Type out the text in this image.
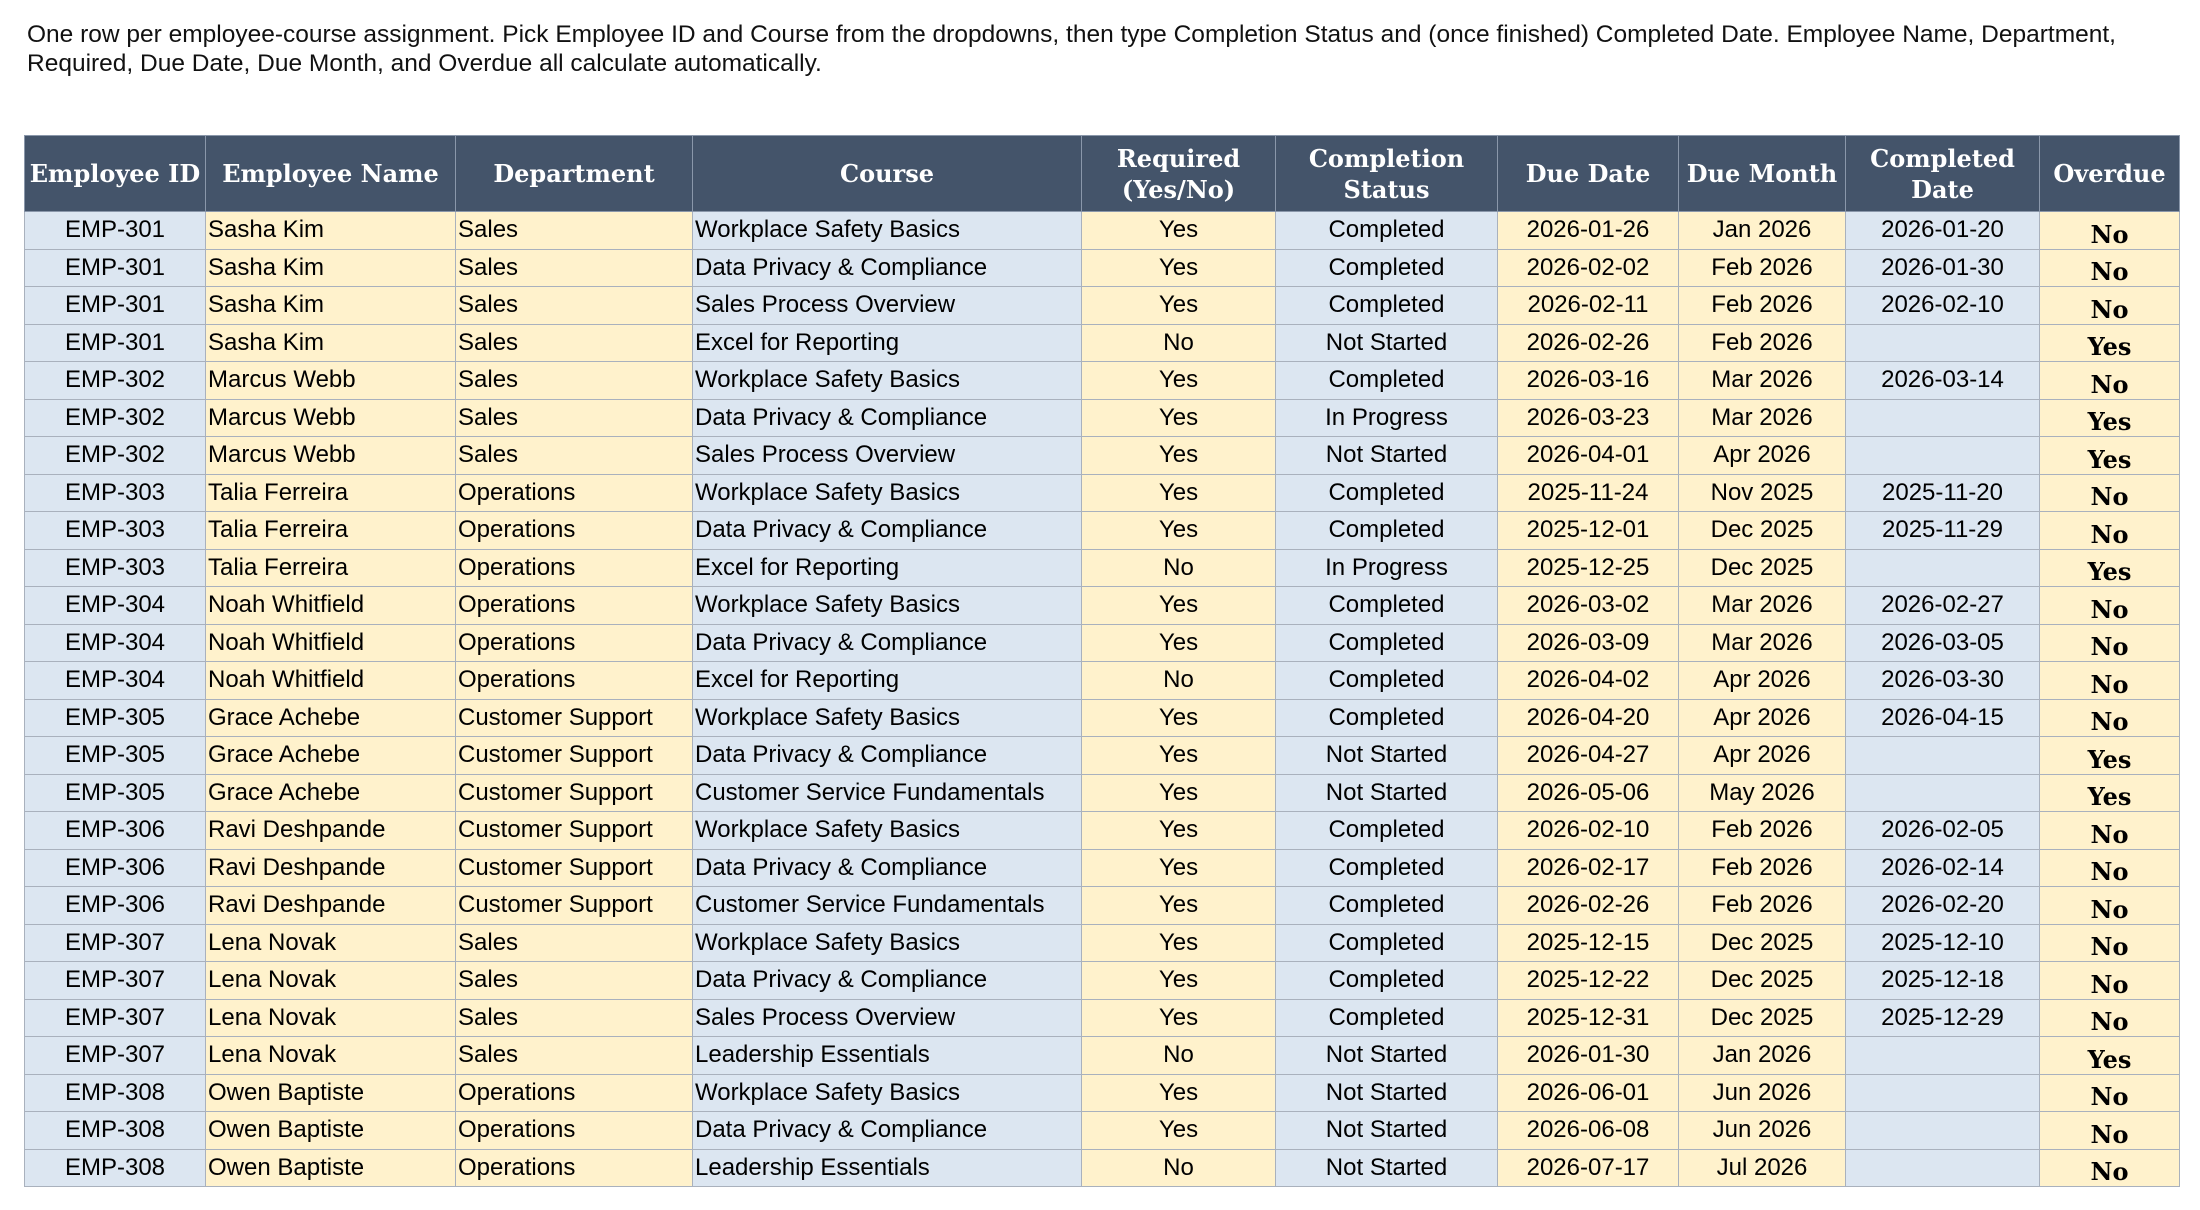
One row per employee-course assignment. Pick Employee ID and Course from the dropdowns, then type Completion Status and (once finished) Completed Date. Employee Name, Department, Required, Due Date, Due Month, and Overdue all calculate automatically.
Employee ID	Employee Name	Department	Course	Required (Yes/No)	Completion Status	Due Date	Due Month	Completed Date	Overdue
EMP-301	Sasha Kim	Sales	Workplace Safety Basics	Yes	Completed	2026-01-26	Jan 2026	2026-01-20	No
EMP-301	Sasha Kim	Sales	Data Privacy & Compliance	Yes	Completed	2026-02-02	Feb 2026	2026-01-30	No
EMP-301	Sasha Kim	Sales	Sales Process Overview	Yes	Completed	2026-02-11	Feb 2026	2026-02-10	No
EMP-301	Sasha Kim	Sales	Excel for Reporting	No	Not Started	2026-02-26	Feb 2026		Yes
EMP-302	Marcus Webb	Sales	Workplace Safety Basics	Yes	Completed	2026-03-16	Mar 2026	2026-03-14	No
EMP-302	Marcus Webb	Sales	Data Privacy & Compliance	Yes	In Progress	2026-03-23	Mar 2026		Yes
EMP-302	Marcus Webb	Sales	Sales Process Overview	Yes	Not Started	2026-04-01	Apr 2026		Yes
EMP-303	Talia Ferreira	Operations	Workplace Safety Basics	Yes	Completed	2025-11-24	Nov 2025	2025-11-20	No
EMP-303	Talia Ferreira	Operations	Data Privacy & Compliance	Yes	Completed	2025-12-01	Dec 2025	2025-11-29	No
EMP-303	Talia Ferreira	Operations	Excel for Reporting	No	In Progress	2025-12-25	Dec 2025		Yes
EMP-304	Noah Whitfield	Operations	Workplace Safety Basics	Yes	Completed	2026-03-02	Mar 2026	2026-02-27	No
EMP-304	Noah Whitfield	Operations	Data Privacy & Compliance	Yes	Completed	2026-03-09	Mar 2026	2026-03-05	No
EMP-304	Noah Whitfield	Operations	Excel for Reporting	No	Completed	2026-04-02	Apr 2026	2026-03-30	No
EMP-305	Grace Achebe	Customer Support	Workplace Safety Basics	Yes	Completed	2026-04-20	Apr 2026	2026-04-15	No
EMP-305	Grace Achebe	Customer Support	Data Privacy & Compliance	Yes	Not Started	2026-04-27	Apr 2026		Yes
EMP-305	Grace Achebe	Customer Support	Customer Service Fundamentals	Yes	Not Started	2026-05-06	May 2026		Yes
EMP-306	Ravi Deshpande	Customer Support	Workplace Safety Basics	Yes	Completed	2026-02-10	Feb 2026	2026-02-05	No
EMP-306	Ravi Deshpande	Customer Support	Data Privacy & Compliance	Yes	Completed	2026-02-17	Feb 2026	2026-02-14	No
EMP-306	Ravi Deshpande	Customer Support	Customer Service Fundamentals	Yes	Completed	2026-02-26	Feb 2026	2026-02-20	No
EMP-307	Lena Novak	Sales	Workplace Safety Basics	Yes	Completed	2025-12-15	Dec 2025	2025-12-10	No
EMP-307	Lena Novak	Sales	Data Privacy & Compliance	Yes	Completed	2025-12-22	Dec 2025	2025-12-18	No
EMP-307	Lena Novak	Sales	Sales Process Overview	Yes	Completed	2025-12-31	Dec 2025	2025-12-29	No
EMP-307	Lena Novak	Sales	Leadership Essentials	No	Not Started	2026-01-30	Jan 2026		Yes
EMP-308	Owen Baptiste	Operations	Workplace Safety Basics	Yes	Not Started	2026-06-01	Jun 2026		No
EMP-308	Owen Baptiste	Operations	Data Privacy & Compliance	Yes	Not Started	2026-06-08	Jun 2026		No
EMP-308	Owen Baptiste	Operations	Leadership Essentials	No	Not Started	2026-07-17	Jul 2026		No
